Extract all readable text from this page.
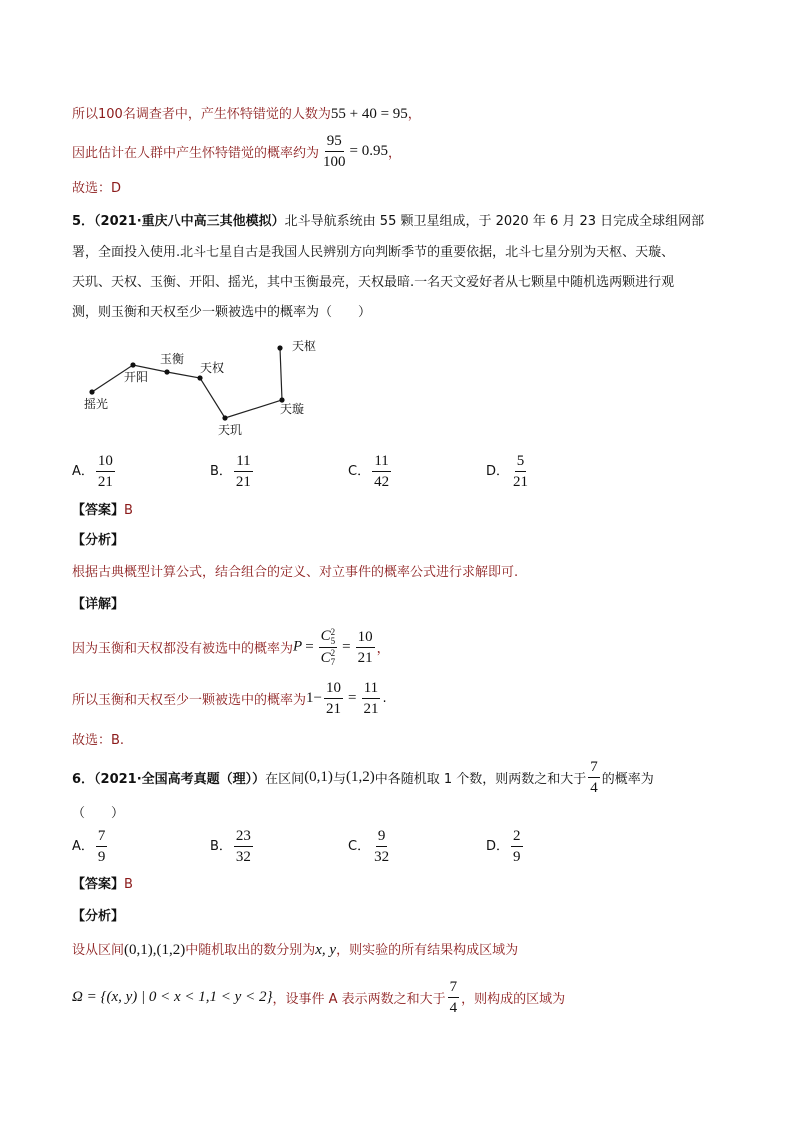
所以100名调查者中，产生怀特错觉的人数为55 + 40 = 95，
因此估计在人群中产生怀特错觉的概率约为 $\frac{95}{100} = 0.95$，
故选：D
5．（2021·重庆八中高三其他模拟）北斗导航系统由 55 颗卫星组成，于 2020 年 6 月 23 日完成全球组网部
署，全面投入使用.北斗七星自古是我国人民辨别方向判断季节的重要依据，北斗七星分别为天枢、天璇、
天玑、天权、玉衡、开阳、摇光，其中玉衡最亮，天权最暗.一名天文爱好者从七颗星中随机选两颗进行观
测，则玉衡和天权至少一颗被选中的概率为（　　）
天枢
天璇
天玑
天权
玉衡
开阳
摇光
A． $\frac{10}{21}$	B． $\frac{11}{21}$	C． $\frac{11}{42}$	D． $\frac{5}{21}$
【答案】B
【分析】
根据古典概型计算公式，结合组合的定义、对立事件的概率公式进行求解即可.
【详解】
因为玉衡和天权都没有被选中的概率为P = C 2
5
C 2
$7 = \frac{10}{21}$ ，
所以玉衡和天权至少一颗被选中的概率为$1- \frac{10}{21} = \frac{11}{21}$ .
故选：B.
6．（2021·全国高考真题（理））在区间(0,1)与(1,2)中各随机取 1 个数，则两数之和大于 $\frac{7}{4}$ 的概率为
（　　）
A． $\frac{7}{9}$	B． $\frac{23}{32}$	C． $\frac{9}{32}$	D． $\frac{2}{9}$
【答案】B
【分析】
设从区间(0,1),(1,2)中随机取出的数分别为x, y，则实验的所有结果构成区域为
Ω = {(x, y) | 0 < x < 1,1 < y < 2}，设事件 A 表示两数之和大于 $\frac{7}{4}$ ，则构成的区域为
